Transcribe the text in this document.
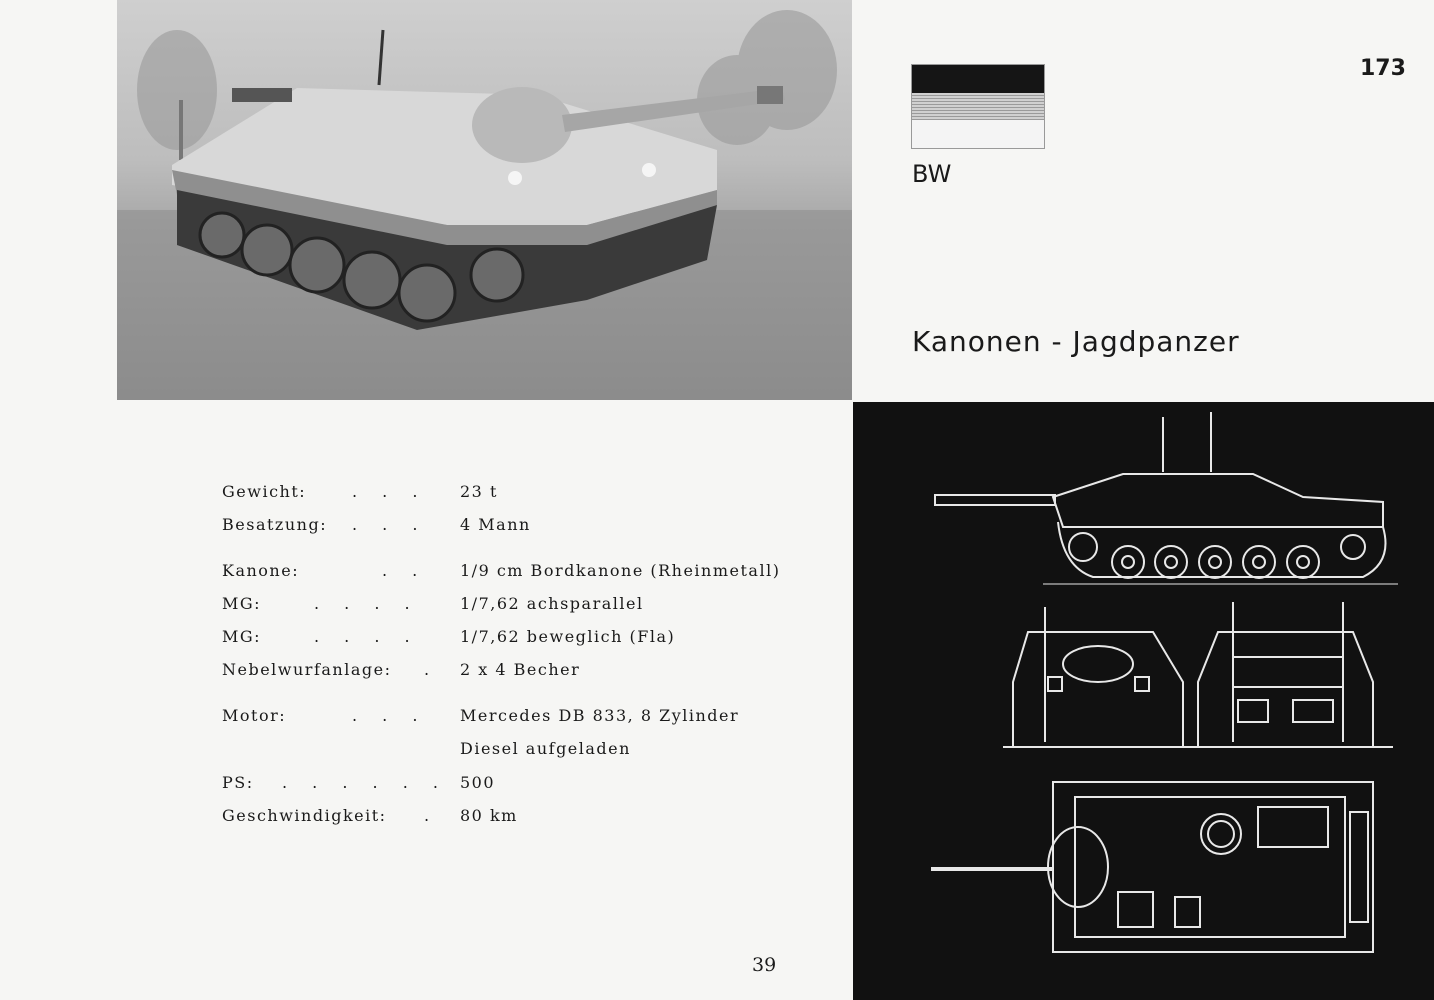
173
BW
Kanonen - Jagdpanzer
Gewicht:	. . . 23 t
Besatzung: . . . 4 Mann
Kanone:	. . 1/9 cm Bordkanone (Rheinmetall)
MG:	. . . .	1/7,62 achsparallel
MG:	. . . .	1/7,62 beweglich (Fla)
Nebelwurfanlage: . 2 x 4 Becher
Motor:	. . . Mercedes DB 833, 8 Zylinder
Diesel aufgeladen
PS: . . . . . . 500
Geschwindigkeit: . 80 km
39
